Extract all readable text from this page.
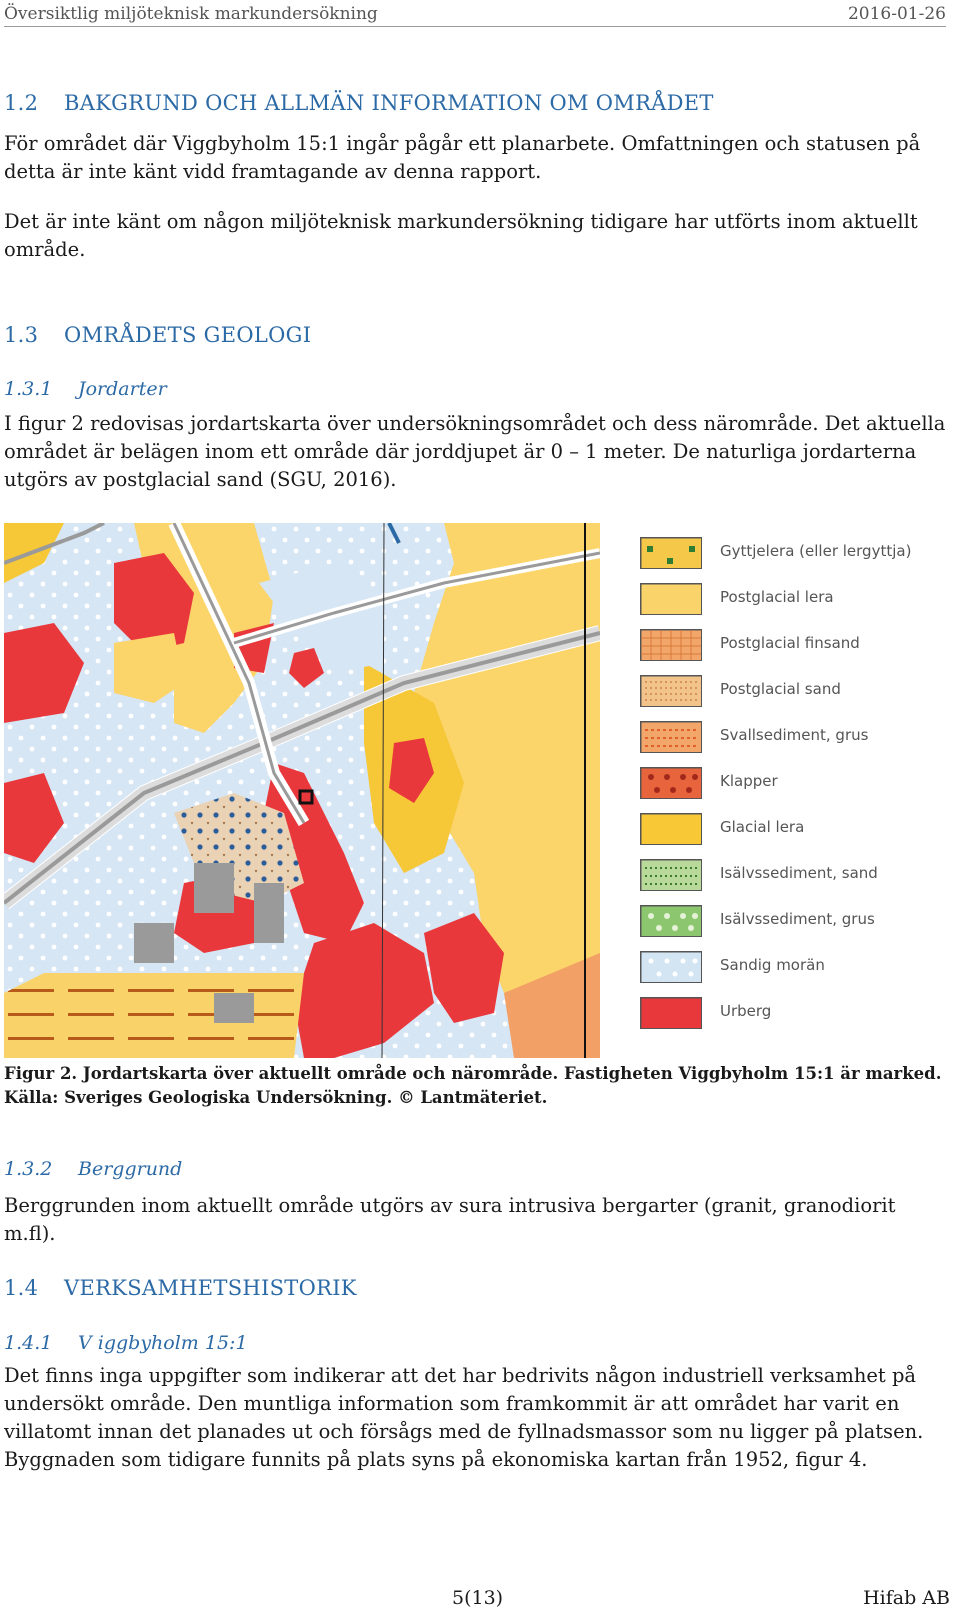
Översiktlig miljöteknisk markundersökning	2016-01-26
1.2 BAKGRUND OCH ALLMÄN INFORMATION OM OMRÅDET

För området där Viggbyholm 15:1 ingår pågår ett planarbete. Omfattningen och statusen på detta är inte känt vidd framtagande av denna rapport.

Det är inte känt om någon miljöteknisk markundersökning tidigare har utförts inom aktuellt område.

1.3 OMRÅDETS GEOLOGI
1.3.1 Jordarter

I figur 2 redovisas jordartskarta över undersökningsområdet och dess närområde. Det aktuella området är belägen inom ett område där jorddjupet är 0 – 1 meter. De naturliga jordarterna utgörs av postglacial sand (SGU, 2016).

Gyttjelera (eller lergyttja)
Postglacial lera
Postglacial finsand
Postglacial sand
Svallsediment, grus
Klapper
Glacial lera
Isälvssediment, sand
Isälvssediment, grus
Sandig morän
Urberg
Figur 2. Jordartskarta över aktuellt område och närområde. Fastigheten Viggbyholm 15:1 är marked. Källa: Sveriges Geologiska Undersökning. © Lantmäteriet.
1.3.2 Berggrund

Berggrunden inom aktuellt område utgörs av sura intrusiva bergarter (granit, granodiorit m.fl).

1.4 VERKSAMHETSHISTORIK
1.4.1 V iggbyholm 15:1

Det finns inga uppgifter som indikerar att det har bedrivits någon industriell verksamhet på undersökt område. Den muntliga information som framkommit är att området har varit en villatomt innan det planades ut och försågs med de fyllnadsmassor som nu ligger på platsen. Byggnaden som tidigare funnits på plats syns på ekonomiska kartan från 1952, figur 4.

5(13)	Hifab AB
